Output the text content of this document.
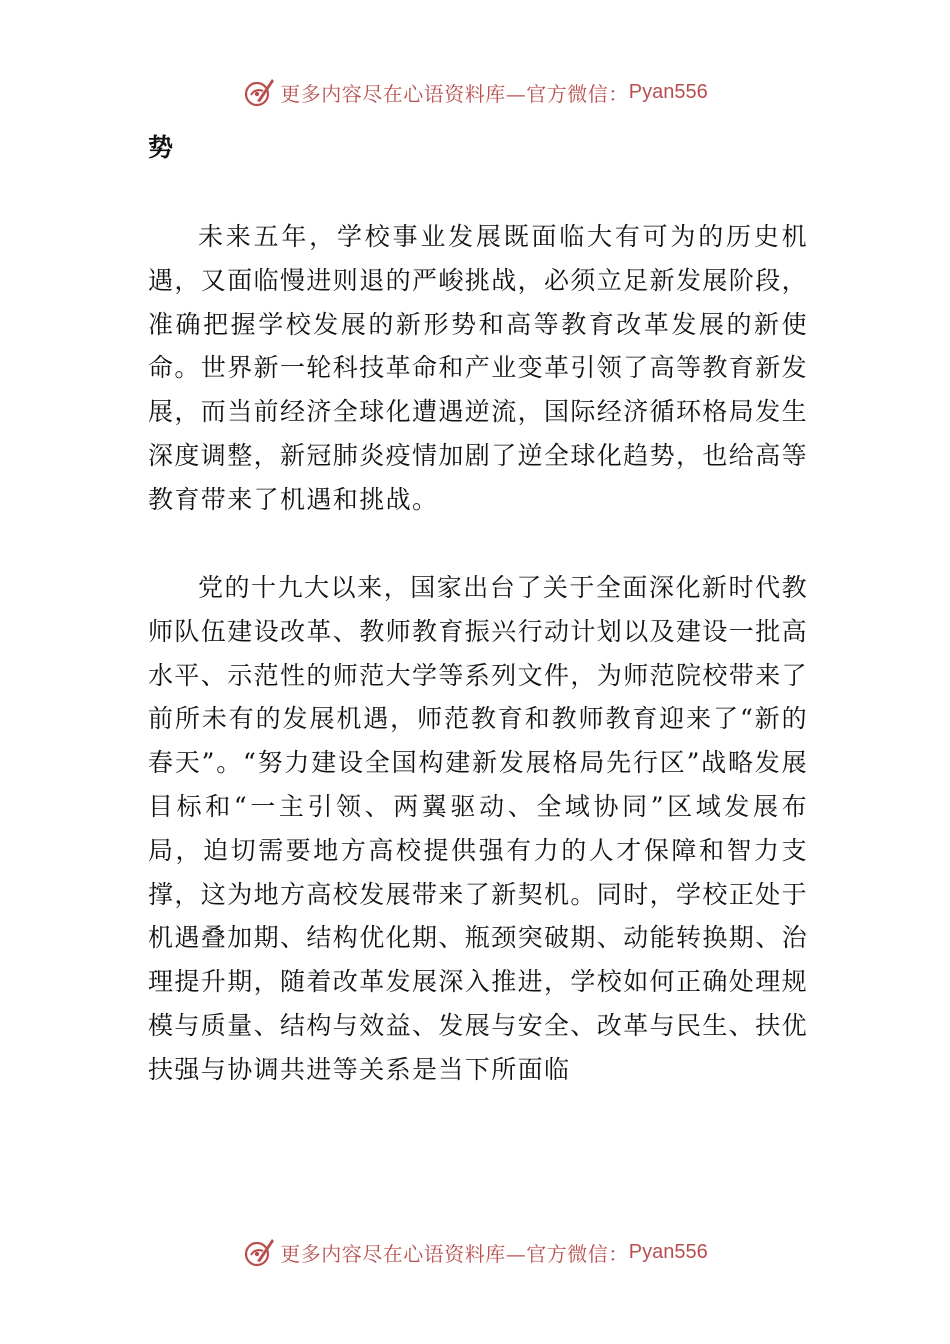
更多内容尽在心语资料库—官方微信： Pyan556
势

未来五年，学校事业发展既面临大有可为的历史机遇，又面临慢进则退的严峻挑战，必须立足新发展阶段，准确把握学校发展的新形势和高等教育改革发展的新使命。世界新一轮科技革命和产业变革引领了高等教育新发展，而当前经济全球化遭遇逆流，国际经济循环格局发生深度调整，新冠肺炎疫情加剧了逆全球化趋势，也给高等教育带来了机遇和挑战。

党的十九大以来，国家出台了关于全面深化新时代教师队伍建设改革、教师教育振兴行动计划以及建设一批高水平、示范性的师范大学等系列文件，为师范院校带来了前所未有的发展机遇，师范教育和教师教育迎来了“新的春天”。“努力建设全国构建新发展格局先行区”战略发展目标和“一主引领、两翼驱动、全域协同”区域发展布局，迫切需要地方高校提供强有力的人才保障和智力支撑，这为地方高校发展带来了新契机。同时，学校正处于机遇叠加期、结构优化期、瓶颈突破期、动能转换期、治理提升期，随着改革发展深入推进，学校如何正确处理规模与质量、结构与效益、发展与安全、改革与民生、扶优扶强与协调共进等关系是当下所面临

更多内容尽在心语资料库—官方微信： Pyan556
